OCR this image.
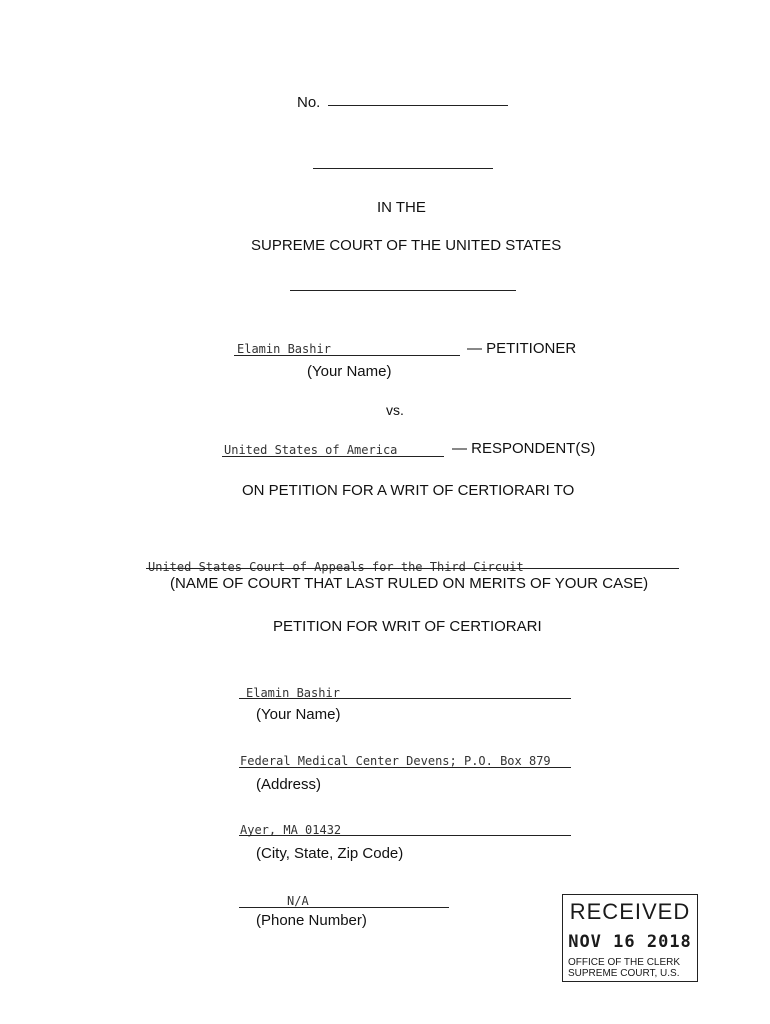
No.
IN THE
SUPREME COURT OF THE UNITED STATES
Elamin Bashir	— PETITIONER
(Your Name)
vs.
United States of America	— RESPONDENT(S)
ON PETITION FOR A WRIT OF CERTIORARI TO
United States Court of Appeals for the Third Circuit
(NAME OF COURT THAT LAST RULED ON MERITS OF YOUR CASE)
PETITION FOR WRIT OF CERTIORARI
Elamin Bashir
(Your Name)
Federal Medical Center Devens; P.O. Box 879
(Address)
Ayer, MA 01432
(City, State, Zip Code)
N/A
(Phone Number)	RECEIVED
NOV 16 2018
OFFICE OF THE CLERK
SUPREME COURT, U.S.
